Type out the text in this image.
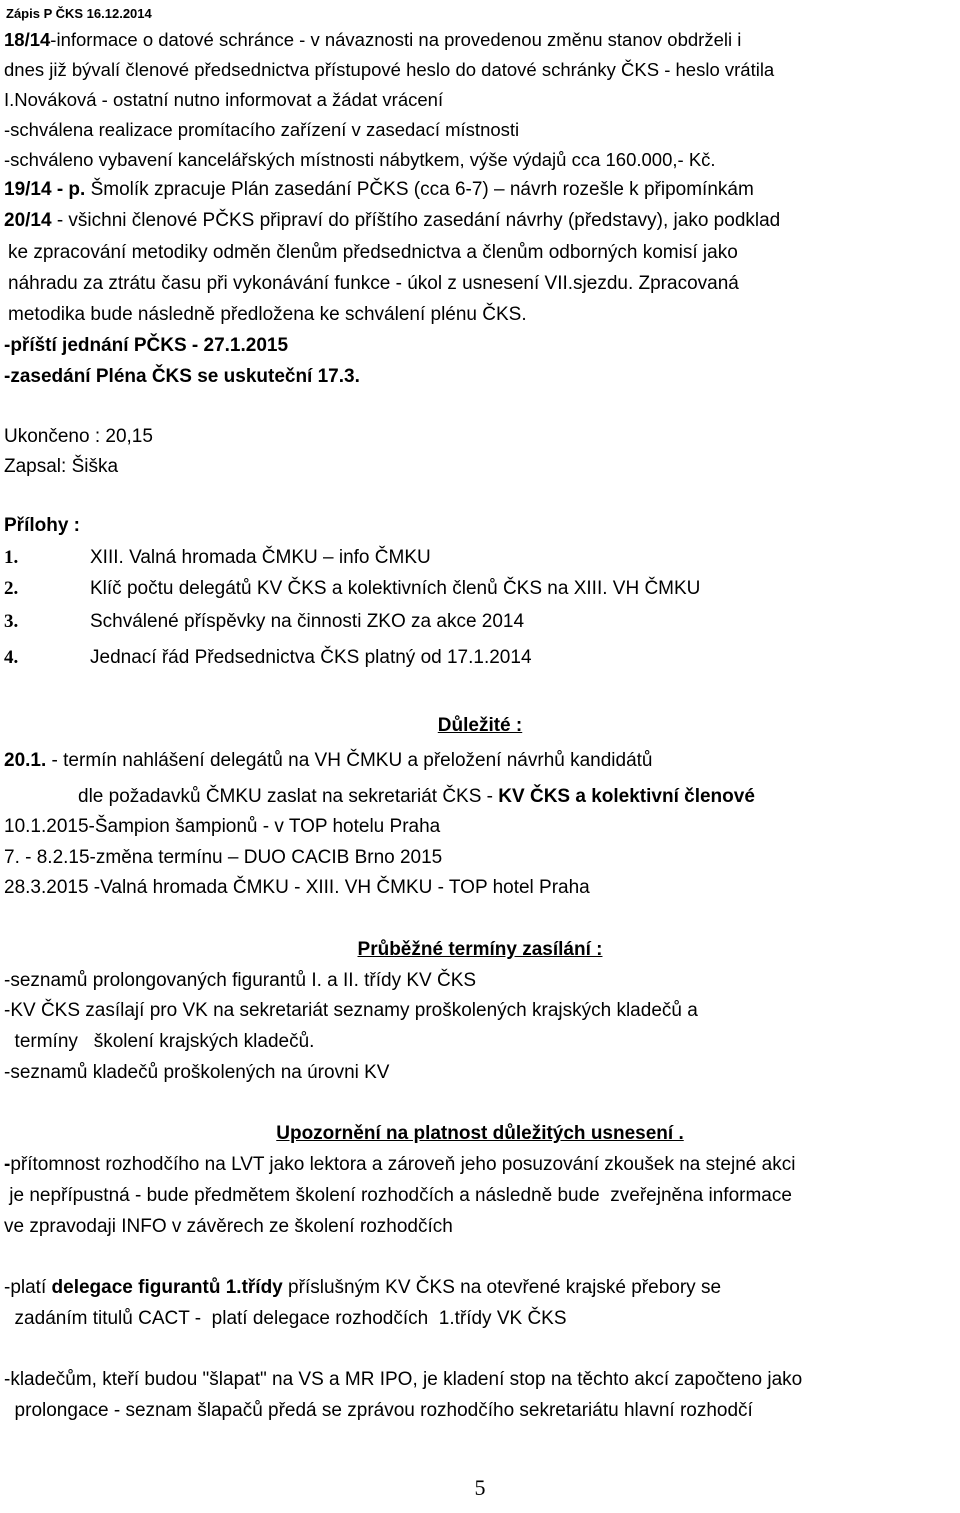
Zápis P ČKS 16.12.2014
18/14-informace o datové schránce - v návaznosti na provedenou změnu stanov obdrželi i
dnes již bývalí členové předsednictva přístupové heslo do datové schránky ČKS - heslo vrátila
I.Nováková - ostatní nutno informovat a žádat vrácení
-schválena realizace promítacího zařízení v zasedací místnosti
-schváleno vybavení kancelářských místnosti nábytkem, výše výdajů cca 160.000,- Kč.
19/14 - p. Šmolík zpracuje Plán zasedání PČKS (cca 6-7) – návrh rozešle k připomínkám
20/14 - všichni členové PČKS připraví do příštího zasedání návrhy (představy), jako podklad
ke zpracování metodiky odměn členům předsednictva a členům odborných komisí jako
náhradu za ztrátu času při vykonávání funkce - úkol z usnesení VII.sjezdu. Zpracovaná
metodika bude následně předložena ke schválení plénu ČKS.
-příští jednání PČKS - 27.1.2015
-zasedání Pléna ČKS se uskuteční 17.3.
Ukončeno : 20,15
Zapsal: Šiška
Přílohy :
1.	XIII. Valná hromada ČMKU – info ČMKU
2.	Klíč počtu delegátů KV ČKS a kolektivních členů ČKS na XIII. VH ČMKU
3.	Schválené příspěvky na činnosti ZKO za akce 2014
4.	Jednací řád Předsednictva ČKS platný od 17.1.2014
Důležité :
20.1. - termín nahlášení delegátů na VH ČMKU a přeložení návrhů kandidátů
dle požadavků ČMKU zaslat na sekretariát ČKS - KV ČKS a kolektivní členové
10.1.2015-Šampion šampionů - v TOP hotelu Praha
7. - 8.2.15-změna termínu – DUO CACIB Brno 2015
28.3.2015 -Valná hromada ČMKU - XIII. VH ČMKU - TOP hotel Praha
Průběžné termíny zasílání :
-seznamů prolongovaných figurantů I. a II. třídy KV ČKS
-KV ČKS zasílají pro VK na sekretariát seznamy proškolených krajských kladečů a
termíny   školení krajských kladečů.
-seznamů kladečů proškolených na úrovni KV
Upozornění na platnost důležitých usnesení .
-přítomnost rozhodčího na LVT jako lektora a zároveň jeho posuzování zkoušek na stejné akci
je nepřípustná - bude předmětem školení rozhodčích a následně bude  zveřejněna informace
ve zpravodaji INFO v závěrech ze školení rozhodčích
-platí delegace figurantů 1.třídy příslušným KV ČKS na otevřené krajské přebory se
zadáním titulů CACT -  platí delegace rozhodčích  1.třídy VK ČKS
-kladečům, kteří budou "šlapat" na VS a MR IPO, je kladení stop na těchto akcí započteno jako
prolongace - seznam šlapačů předá se zprávou rozhodčího sekretariátu hlavní rozhodčí
5
